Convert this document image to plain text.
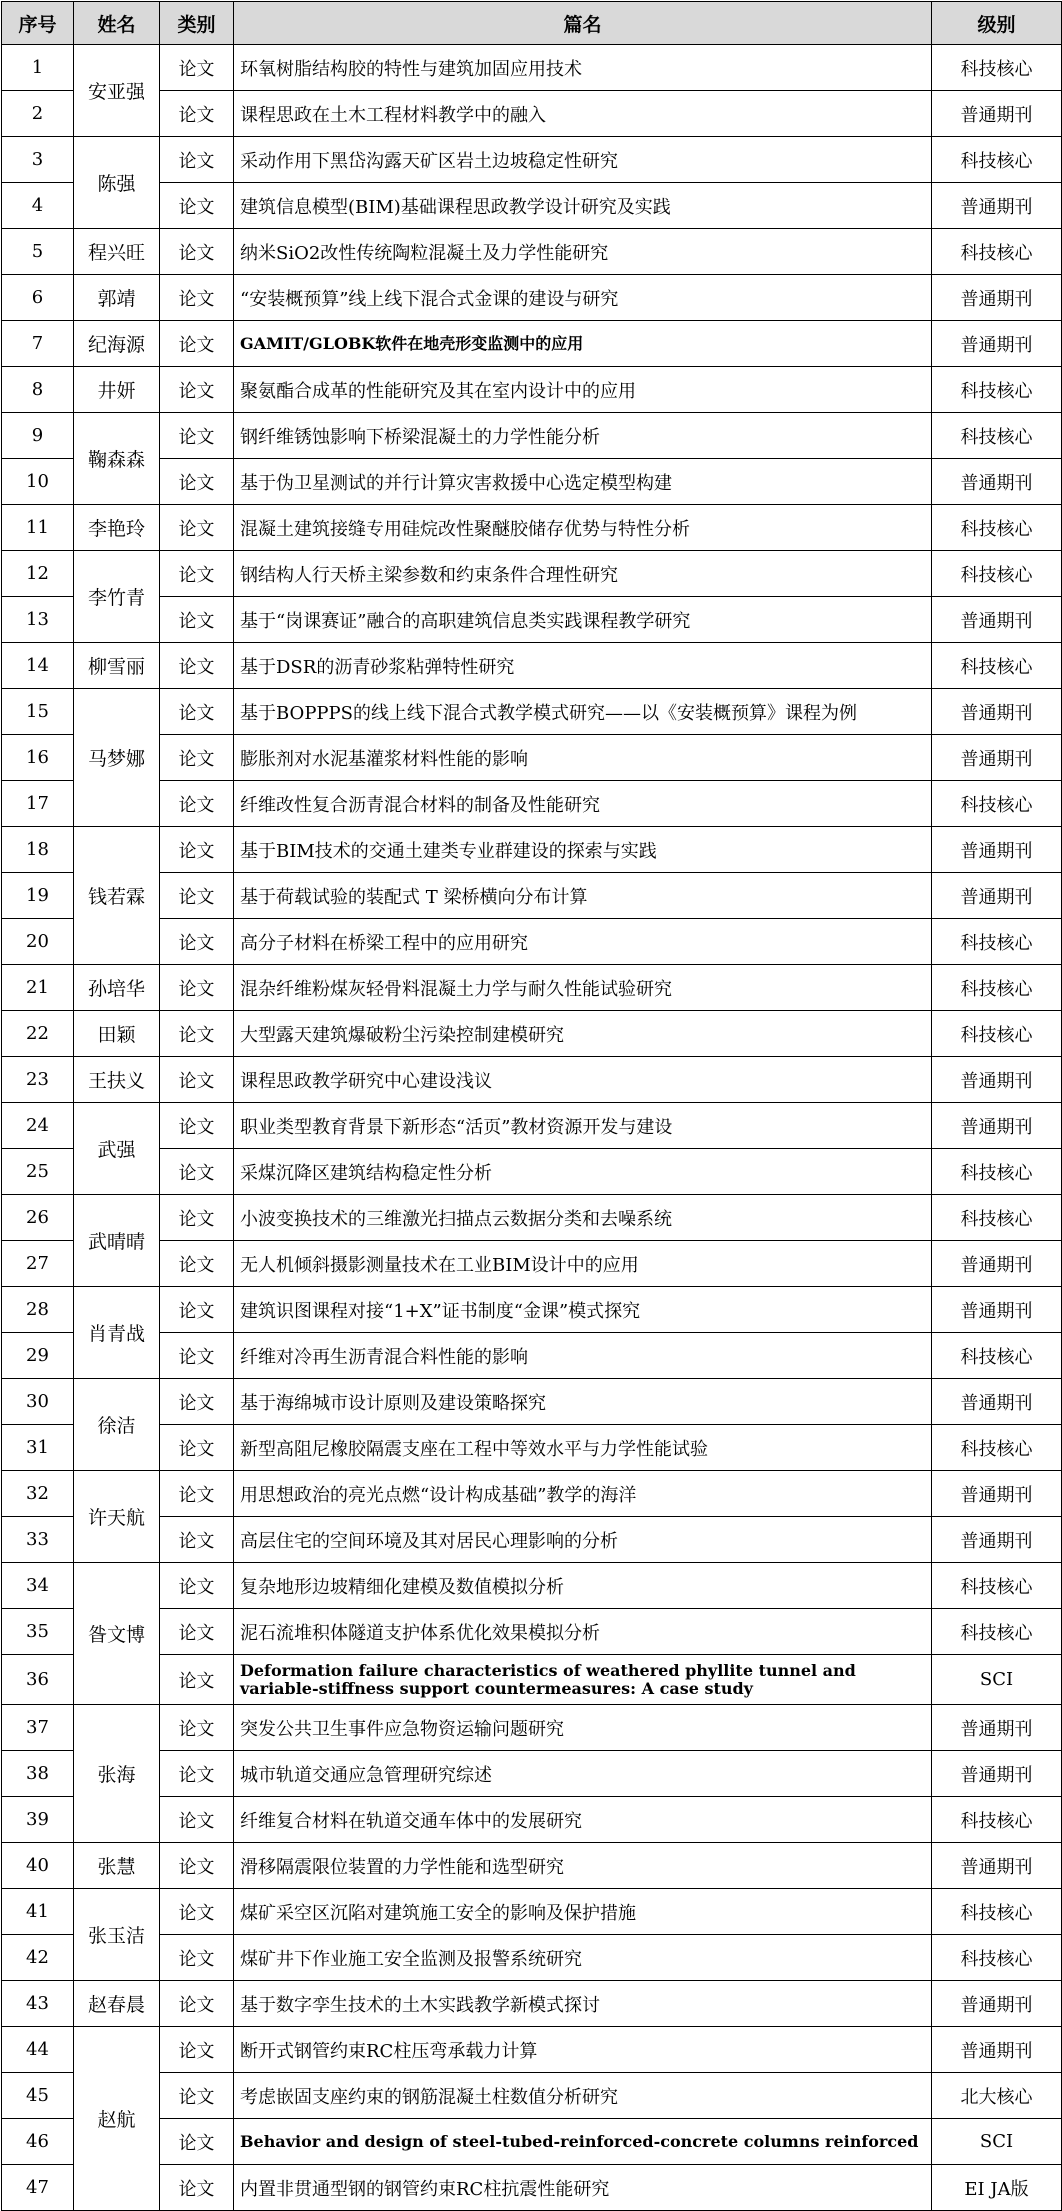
序号	姓名	类别	篇名	级别
1	安亚强	论文	环氧树脂结构胶的特性与建筑加固应用技术	科技核心
2		论文	课程思政在土木工程材料教学中的融入	普通期刊
3	陈强	论文	采动作用下黑岱沟露天矿区岩土边坡稳定性研究	科技核心
4		论文	建筑信息模型(BIM)基础课程思政教学设计研究及实践	普通期刊
5	程兴旺	论文	纳米SiO2改性传统陶粒混凝土及力学性能研究	科技核心
6	郭靖	论文	“安装概预算”线上线下混合式金课的建设与研究	普通期刊
7	纪海源	论文	GAMIT/GLOBK软件在地壳形变监测中的应用	普通期刊
8	井妍	论文	聚氨酯合成革的性能研究及其在室内设计中的应用	科技核心
9	鞠森森	论文	钢纤维锈蚀影响下桥梁混凝土的力学性能分析	科技核心
10		论文	基于伪卫星测试的并行计算灾害救援中心选定模型构建	普通期刊
11	李艳玲	论文	混凝土建筑接缝专用硅烷改性聚醚胶储存优势与特性分析	科技核心
12	李竹青	论文	钢结构人行天桥主梁参数和约束条件合理性研究	科技核心
13		论文	基于“岗课赛证”融合的高职建筑信息类实践课程教学研究	普通期刊
14	柳雪丽	论文	基于DSR的沥青砂浆粘弹特性研究	科技核心
15	马梦娜	论文	基于BOPPPS的线上线下混合式教学模式研究——以《安装概预算》课程为例	普通期刊
16		论文	膨胀剂对水泥基灌浆材料性能的影响	普通期刊
17		论文	纤维改性复合沥青混合材料的制备及性能研究	科技核心
18	钱若霖	论文	基于BIM技术的交通土建类专业群建设的探索与实践	普通期刊
19		论文	基于荷载试验的装配式 T 梁桥横向分布计算	普通期刊
20		论文	高分子材料在桥梁工程中的应用研究	科技核心
21	孙培华	论文	混杂纤维粉煤灰轻骨料混凝土力学与耐久性能试验研究	科技核心
22	田颖	论文	大型露天建筑爆破粉尘污染控制建模研究	科技核心
23	王扶义	论文	课程思政教学研究中心建设浅议	普通期刊
24	武强	论文	职业类型教育背景下新形态“活页”教材资源开发与建设	普通期刊
25		论文	采煤沉降区建筑结构稳定性分析	科技核心
26	武晴晴	论文	小波变换技术的三维激光扫描点云数据分类和去噪系统	科技核心
27		论文	无人机倾斜摄影测量技术在工业BIM设计中的应用	普通期刊
28	肖青战	论文	建筑识图课程对接“1+X”证书制度“金课”模式探究	普通期刊
29		论文	纤维对冷再生沥青混合料性能的影响	科技核心
30	徐洁	论文	基于海绵城市设计原则及建设策略探究	普通期刊
31		论文	新型高阻尼橡胶隔震支座在工程中等效水平与力学性能试验	科技核心
32	许天航	论文	用思想政治的亮光点燃“设计构成基础”教学的海洋	普通期刊
33		论文	高层住宅的空间环境及其对居民心理影响的分析	普通期刊
34	昝文博	论文	复杂地形边坡精细化建模及数值模拟分析	科技核心
35		论文	泥石流堆积体隧道支护体系优化效果模拟分析	科技核心
36		论文	Deformation failure characteristics of weathered phyllite tunnel and variable-stiffness support countermeasures: A case study	SCI
37	张海	论文	突发公共卫生事件应急物资运输问题研究	普通期刊
38		论文	城市轨道交通应急管理研究综述	普通期刊
39		论文	纤维复合材料在轨道交通车体中的发展研究	科技核心
40	张慧	论文	滑移隔震限位装置的力学性能和选型研究	普通期刊
41	张玉洁	论文	煤矿采空区沉陷对建筑施工安全的影响及保护措施	科技核心
42		论文	煤矿井下作业施工安全监测及报警系统研究	科技核心
43	赵春晨	论文	基于数字孪生技术的土木实践教学新模式探讨	普通期刊
44	赵航	论文	断开式钢管约束RC柱压弯承载力计算	普通期刊
45		论文	考虑嵌固支座约束的钢筋混凝土柱数值分析研究	北大核心
46		论文	Behavior and design of steel-tubed-reinforced-concrete columns reinforced	SCI
47		论文	内置非贯通型钢的钢管约束RC柱抗震性能研究	EI JA版
